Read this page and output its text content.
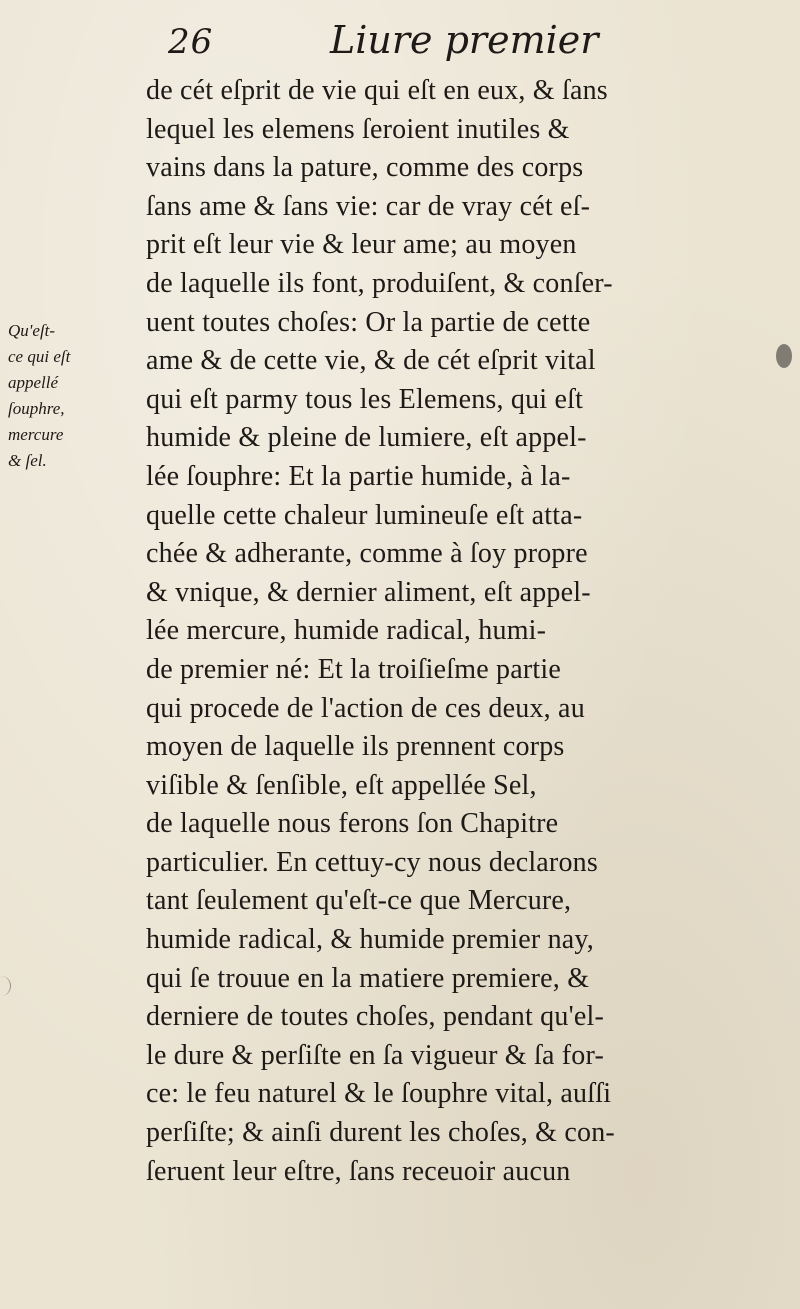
26	Liure premier
Qu'eſt-
ce qui eſt
appellé
ſouphre,
mercure
& ſel.
de cét eſprit de vie qui eſt en eux, & ſans
lequel les elemens ſeroient inutiles &
vains dans la pature, comme des corps
ſans ame & ſans vie: car de vray cét eſ-
prit eſt leur vie & leur ame; au moyen
de laquelle ils font, produiſent, & conſer-
uent toutes choſes: Or la partie de cette
ame & de cette vie, & de cét eſprit vital
qui eſt parmy tous les Elemens, qui eſt
humide & pleine de lumiere, eſt appel-
lée ſouphre: Et la partie humide, à la-
quelle cette chaleur lumineuſe eſt atta-
chée & adherante, comme à ſoy propre
& vnique, & dernier aliment, eſt appel-
lée mercure, humide radical, humi-
de premier né: Et la troiſieſme partie
qui procede de l'action de ces deux, au
moyen de laquelle ils prennent corps
viſible & ſenſible, eſt appellée Sel,
de laquelle nous ferons ſon Chapitre
particulier. En cettuy-cy nous declarons
tant ſeulement qu'eſt-ce que Mercure,
humide radical, & humide premier nay,
qui ſe trouue en la matiere premiere, &
derniere de toutes choſes, pendant qu'el-
le dure & perſiſte en ſa vigueur & ſa for-
ce: le feu naturel & le ſouphre vital, auſſi
perſiſte; & ainſi durent les choſes, & con-
ſeruent leur eſtre, ſans receuoir aucun
